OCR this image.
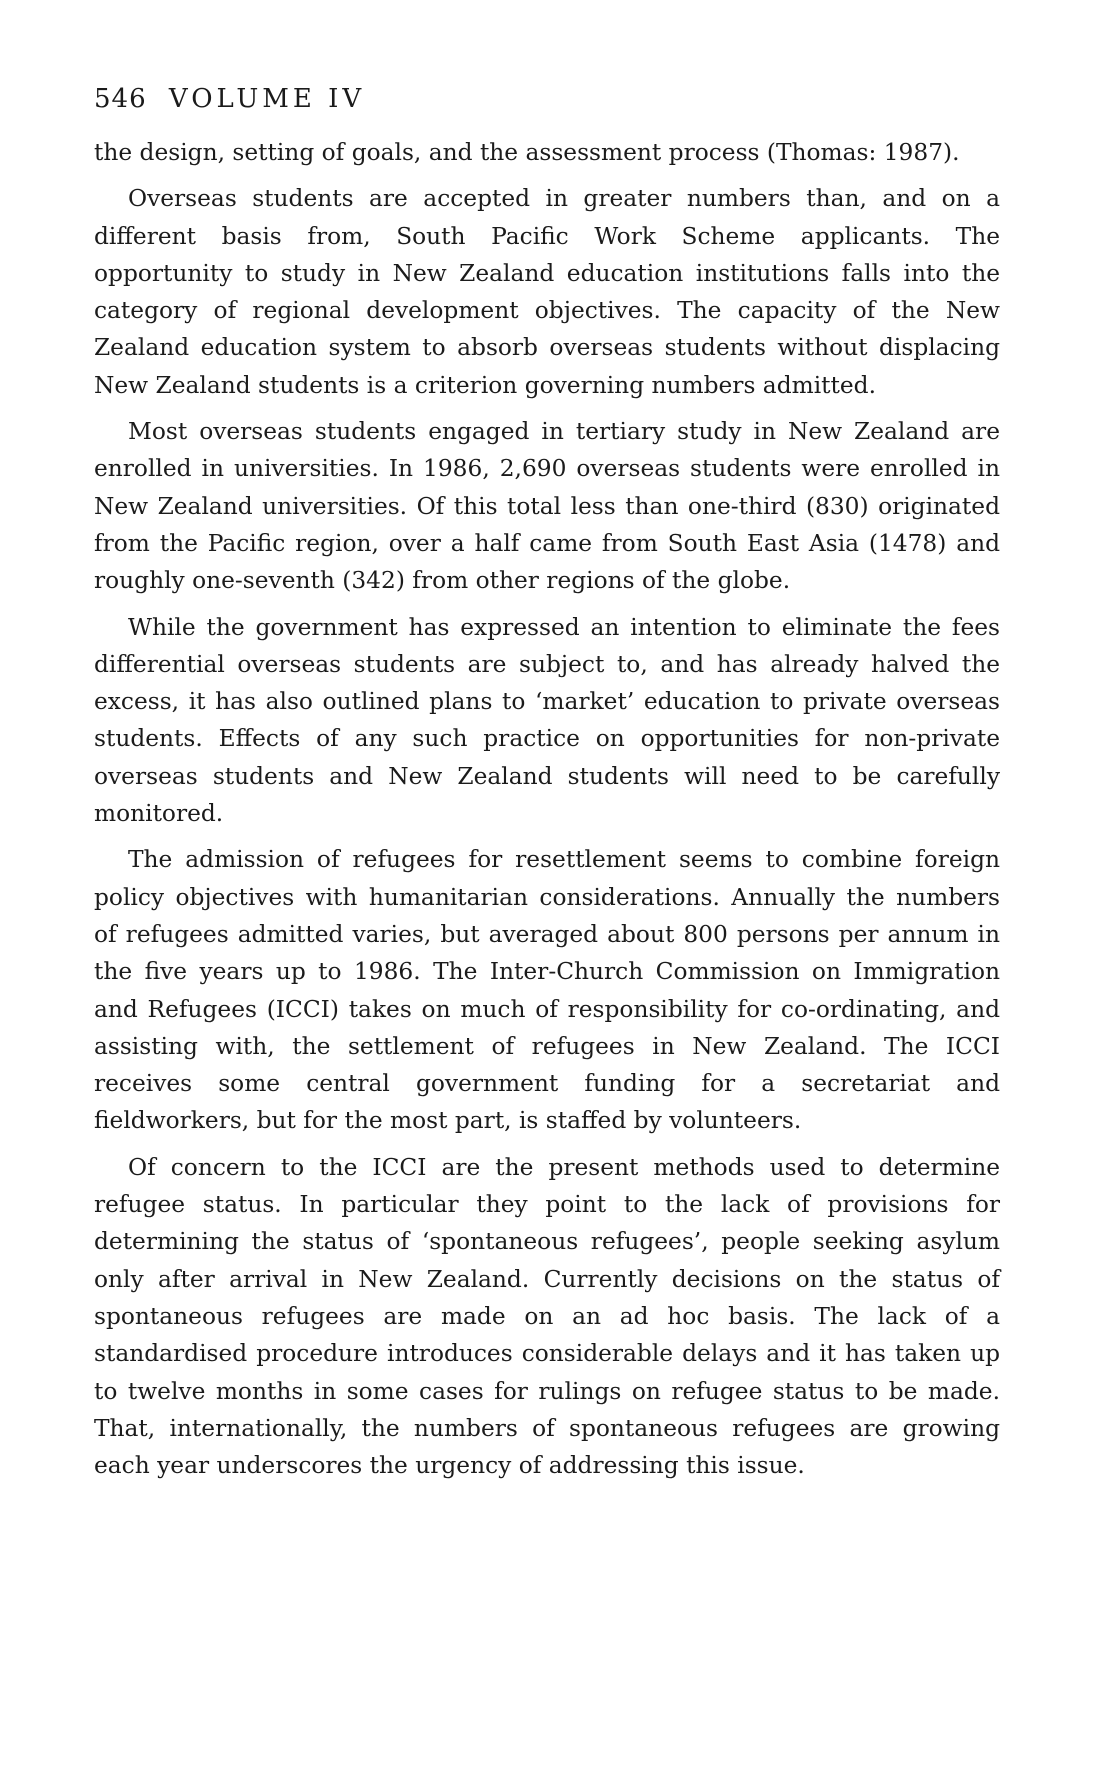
546 VOLUME IV

the design, setting of goals, and the assessment process (Thomas: 1987).

Overseas students are accepted in greater numbers than, and on a different basis from, South Pacific Work Scheme applicants. The opportunity to study in New Zealand education institutions falls into the category of regional development objectives. The capacity of the New Zealand education system to absorb overseas students without displacing New Zealand students is a criterion governing numbers admitted.

Most overseas students engaged in tertiary study in New Zealand are enrolled in universities. In 1986, 2,690 overseas students were enrolled in New Zealand universities. Of this total less than one-third (830) originated from the Pacific region, over a half came from South East Asia (1478) and roughly one-seventh (342) from other regions of the globe.

While the government has expressed an intention to eliminate the fees differential overseas students are subject to, and has already halved the excess, it has also outlined plans to ‘market’ education to private overseas students. Effects of any such practice on opportunities for non-private overseas students and New Zealand students will need to be carefully monitored.

The admission of refugees for resettlement seems to combine foreign policy objectives with humanitarian considerations. Annually the numbers of refugees admitted varies, but averaged about 800 persons per annum in the five years up to 1986. The Inter-Church Commission on Immigration and Refugees (ICCI) takes on much of responsibility for co-ordinating, and assisting with, the settlement of refugees in New Zealand. The ICCI receives some central government funding for a secretariat and fieldworkers, but for the most part, is staffed by volunteers.

Of concern to the ICCI are the present methods used to determine refugee status. In particular they point to the lack of provisions for determining the status of ‘spontaneous refugees’, people seeking asylum only after arrival in New Zealand. Currently decisions on the status of spontaneous refugees are made on an ad hoc basis. The lack of a standardised procedure introduces considerable delays and it has taken up to twelve months in some cases for rulings on refugee status to be made. That, internationally, the numbers of spontaneous refugees are growing each year underscores the urgency of addressing this issue.
